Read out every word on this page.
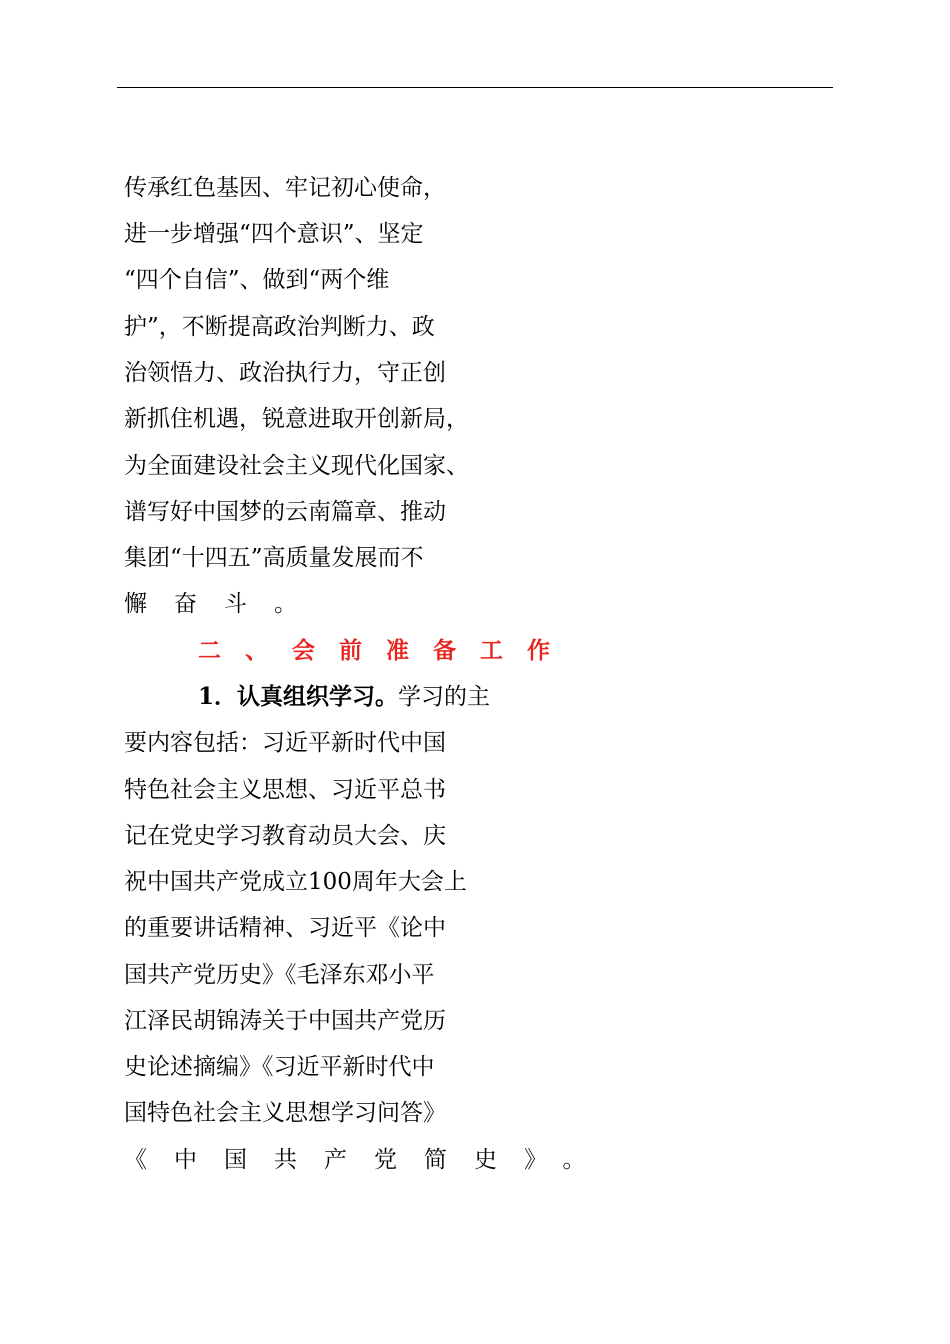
传承红色基因、牢记初心使命，
进一步增强“四个意识”、坚定
“四个自信”、做到“两个维
护”，不断提高政治判断力、政
治领悟力、政治执行力，守正创
新抓住机遇，锐意进取开创新局，
为全面建设社会主义现代化国家、
谱写好中国梦的云南篇章、推动
集团“十四五”高质量发展而不
懈奋斗。
二、会前准备工作
1．认真组织学习。学习的主
要内容包括：习近平新时代中国
特色社会主义思想、习近平总书
记在党史学习教育动员大会、庆
祝中国共产党成立100周年大会上
的重要讲话精神、习近平《论中
国共产党历史》《毛泽东邓小平
江泽民胡锦涛关于中国共产党历
史论述摘编》《习近平新时代中
国特色社会主义思想学习问答》
《中国共产党简史》。
